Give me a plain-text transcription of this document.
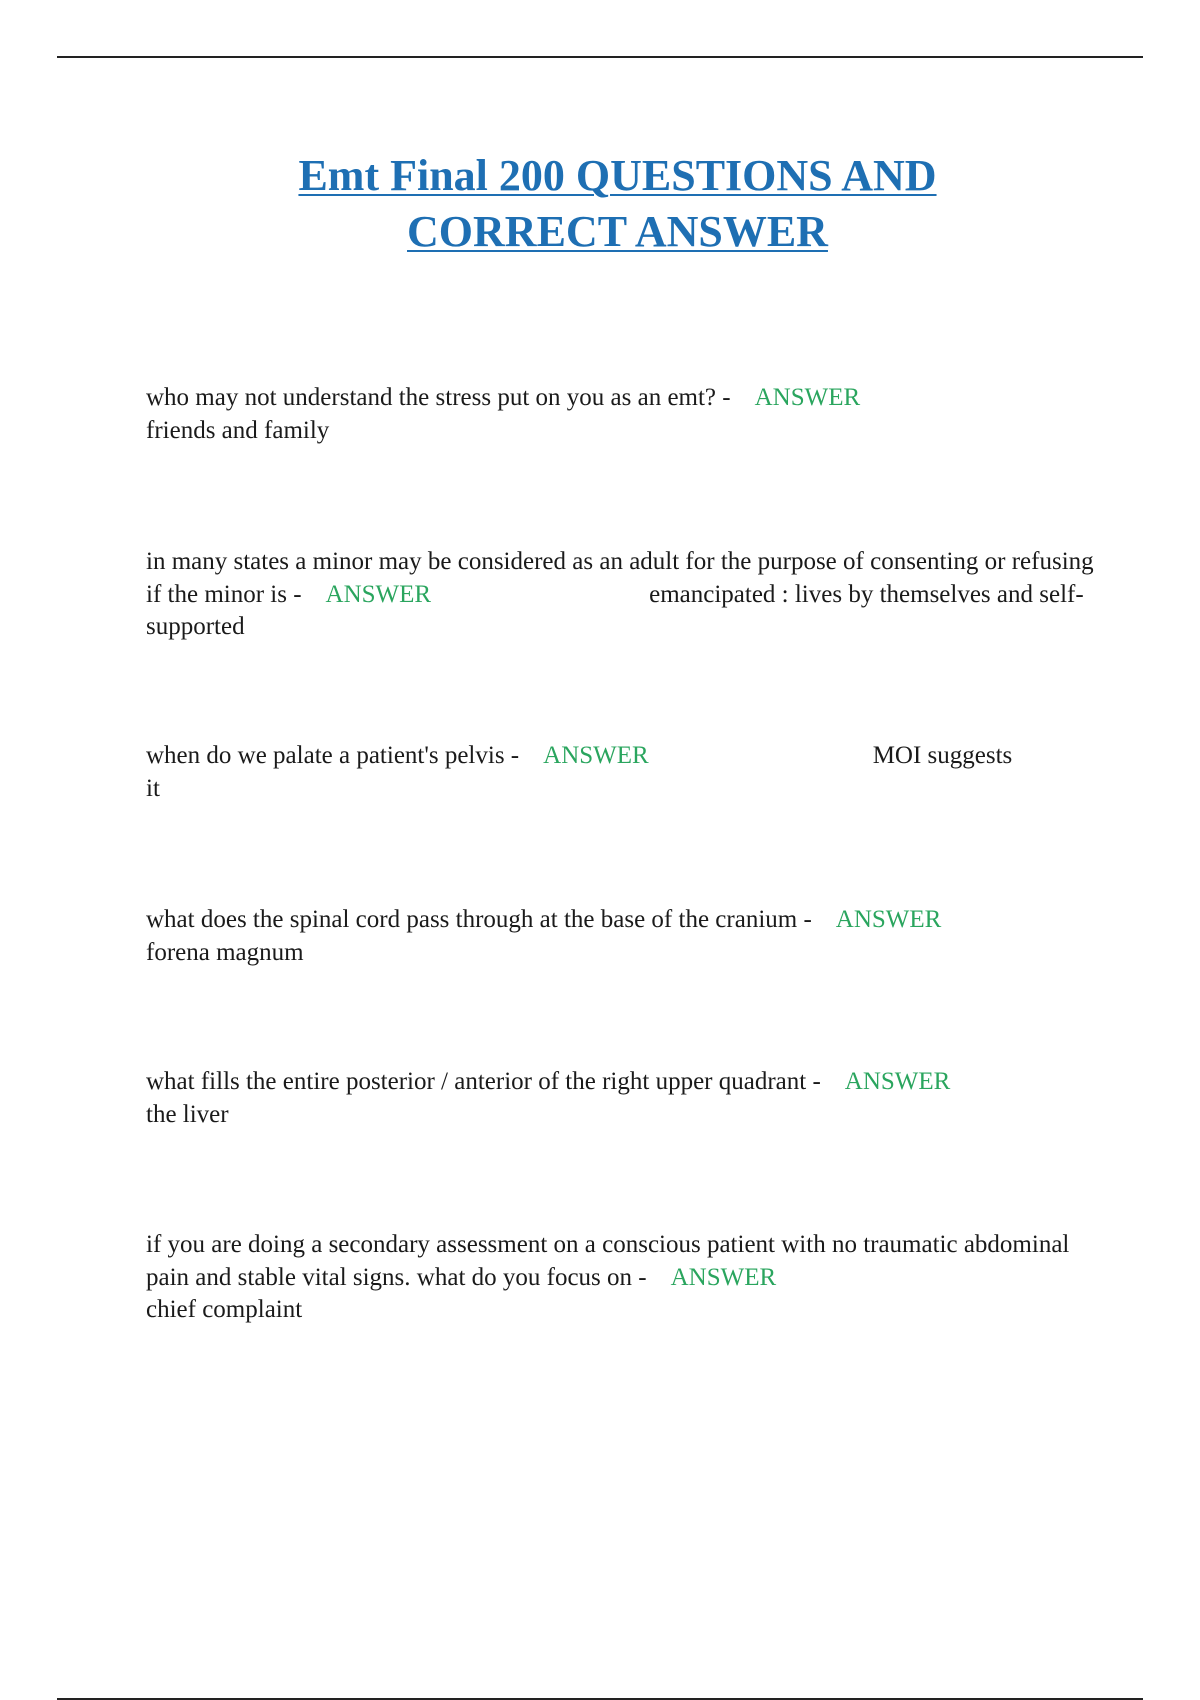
Emt Final 200 QUESTIONS AND
CORRECT ANSWER
who may not understand the stress put on you as an emt? - ANSWER
friends and family
in many states a minor may be considered as an adult for the purpose of consenting or refusing if the minor is - ANSWER	emancipated : lives by themselves and self- supported
when do we palate a patient's pelvis - ANSWER	MOI suggests it
what does the spinal cord pass through at the base of the cranium - ANSWER
forena magnum
what fills the entire posterior / anterior of the right upper quadrant - ANSWER
the liver
if you are doing a secondary assessment on a conscious patient with no traumatic abdominal pain and stable vital signs. what do you focus on - ANSWER
chief complaint
